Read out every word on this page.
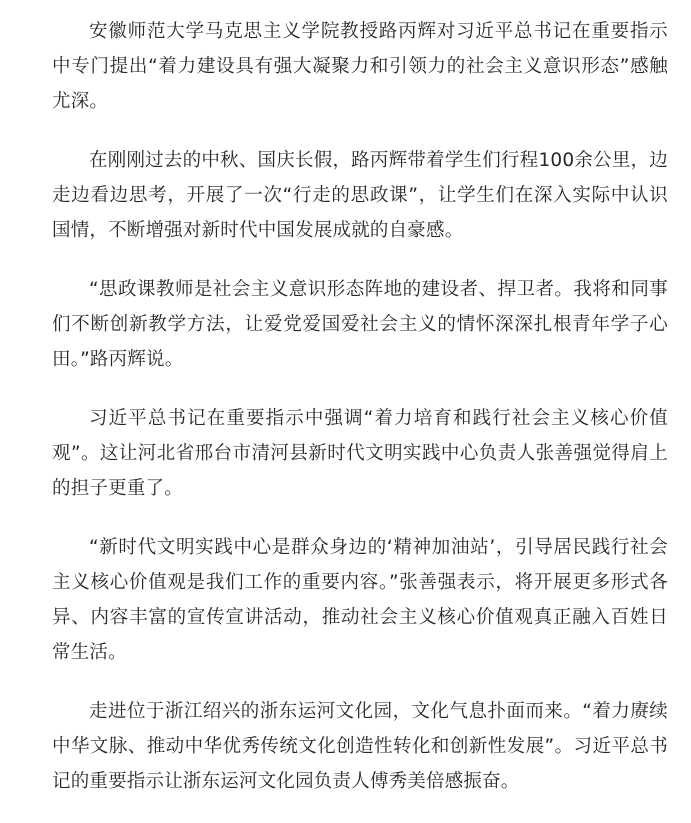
安徽师范大学马克思主义学院教授路丙辉对习近平总书记在重要指示中专门提出“着力建设具有强大凝聚力和引领力的社会主义意识形态”感触尤深。

在刚刚过去的中秋、国庆长假，路丙辉带着学生们行程100余公里，边走边看边思考，开展了一次“行走的思政课”，让学生们在深入实际中认识国情，不断增强对新时代中国发展成就的自豪感。

“思政课教师是社会主义意识形态阵地的建设者、捍卫者。我将和同事们不断创新教学方法，让爱党爱国爱社会主义的情怀深深扎根青年学子心田。”路丙辉说。

习近平总书记在重要指示中强调“着力培育和践行社会主义核心价值观”。这让河北省邢台市清河县新时代文明实践中心负责人张善强觉得肩上的担子更重了。

“新时代文明实践中心是群众身边的‘精神加油站’，引导居民践行社会主义核心价值观是我们工作的重要内容。”张善强表示，将开展更多形式各异、内容丰富的宣传宣讲活动，推动社会主义核心价值观真正融入百姓日常生活。

走进位于浙江绍兴的浙东运河文化园，文化气息扑面而来。“着力赓续中华文脉、推动中华优秀传统文化创造性转化和创新性发展”。习近平总书记的重要指示让浙东运河文化园负责人傅秀美倍感振奋。
